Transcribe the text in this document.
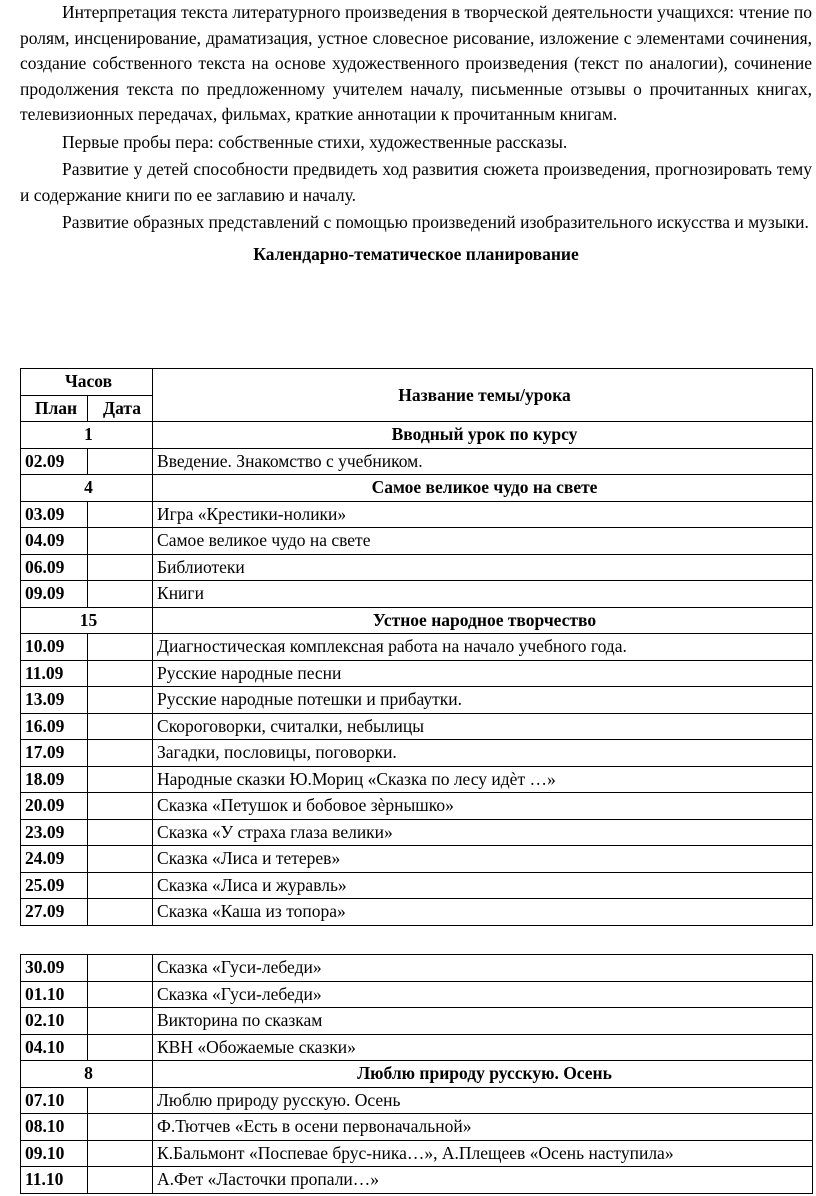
Интерпретация текста литературного произведения в творческой деятельности учащихся: чтение по ролям, инсценирование, драматизация, устное словесное рисование, изложение с элементами сочинения, создание собственного текста на основе художественного произведения (текст по аналогии), сочинение продолжения текста по предложенному учителем началу, письменные отзывы о прочитанных книгах, телевизионных передачах, фильмах, краткие аннотации к прочитанным книгам.

Первые пробы пера: собственные стихи, художественные рассказы.

Развитие у детей способности предвидеть ход развития сюжета произведения, прогнозировать тему и содержание книги по ее заглавию и началу.

Развитие образных представлений с помощью произведений изобразительного искусства и музыки.

Календарно-тематическое планирование
Часов		Название темы/урока
План	Дата	
1		Вводный урок по курсу
02.09		Введение. Знакомство с учебником.
4		Самое великое чудо на свете
03.09		Игра «Крестики-нолики»
04.09		Самое великое чудо на свете
06.09		Библиотеки
09.09		Книги
15		Устное народное творчество
10.09		Диагностическая комплексная работа на начало учебного года.
11.09		Русские народные песни
13.09		Русские народные потешки и прибаутки.
16.09		Скороговорки, считалки, небылицы
17.09		Загадки, пословицы, поговорки.
18.09		Народные сказки Ю.Мориц «Сказка по лесу идѐт …»
20.09		Сказка «Петушок и бобовое зѐрнышко»
23.09		Сказка «У страха глаза велики»
24.09		Сказка «Лиса и тетерев»
25.09		Сказка «Лиса и журавль»
27.09		Сказка «Каша из топора»
30.09		Сказка «Гуси-лебеди»
01.10		Сказка «Гуси-лебеди»
02.10		Викторина по сказкам
04.10		КВН «Обожаемые сказки»
8		Люблю природу русскую. Осень
07.10		Люблю природу русскую. Осень
08.10		Ф.Тютчев «Есть в осени первоначальной»
09.10		К.Бальмонт «Поспевае брус-ника…», А.Плещеев «Осень наступила»
11.10		А.Фет «Ласточки пропали…»
